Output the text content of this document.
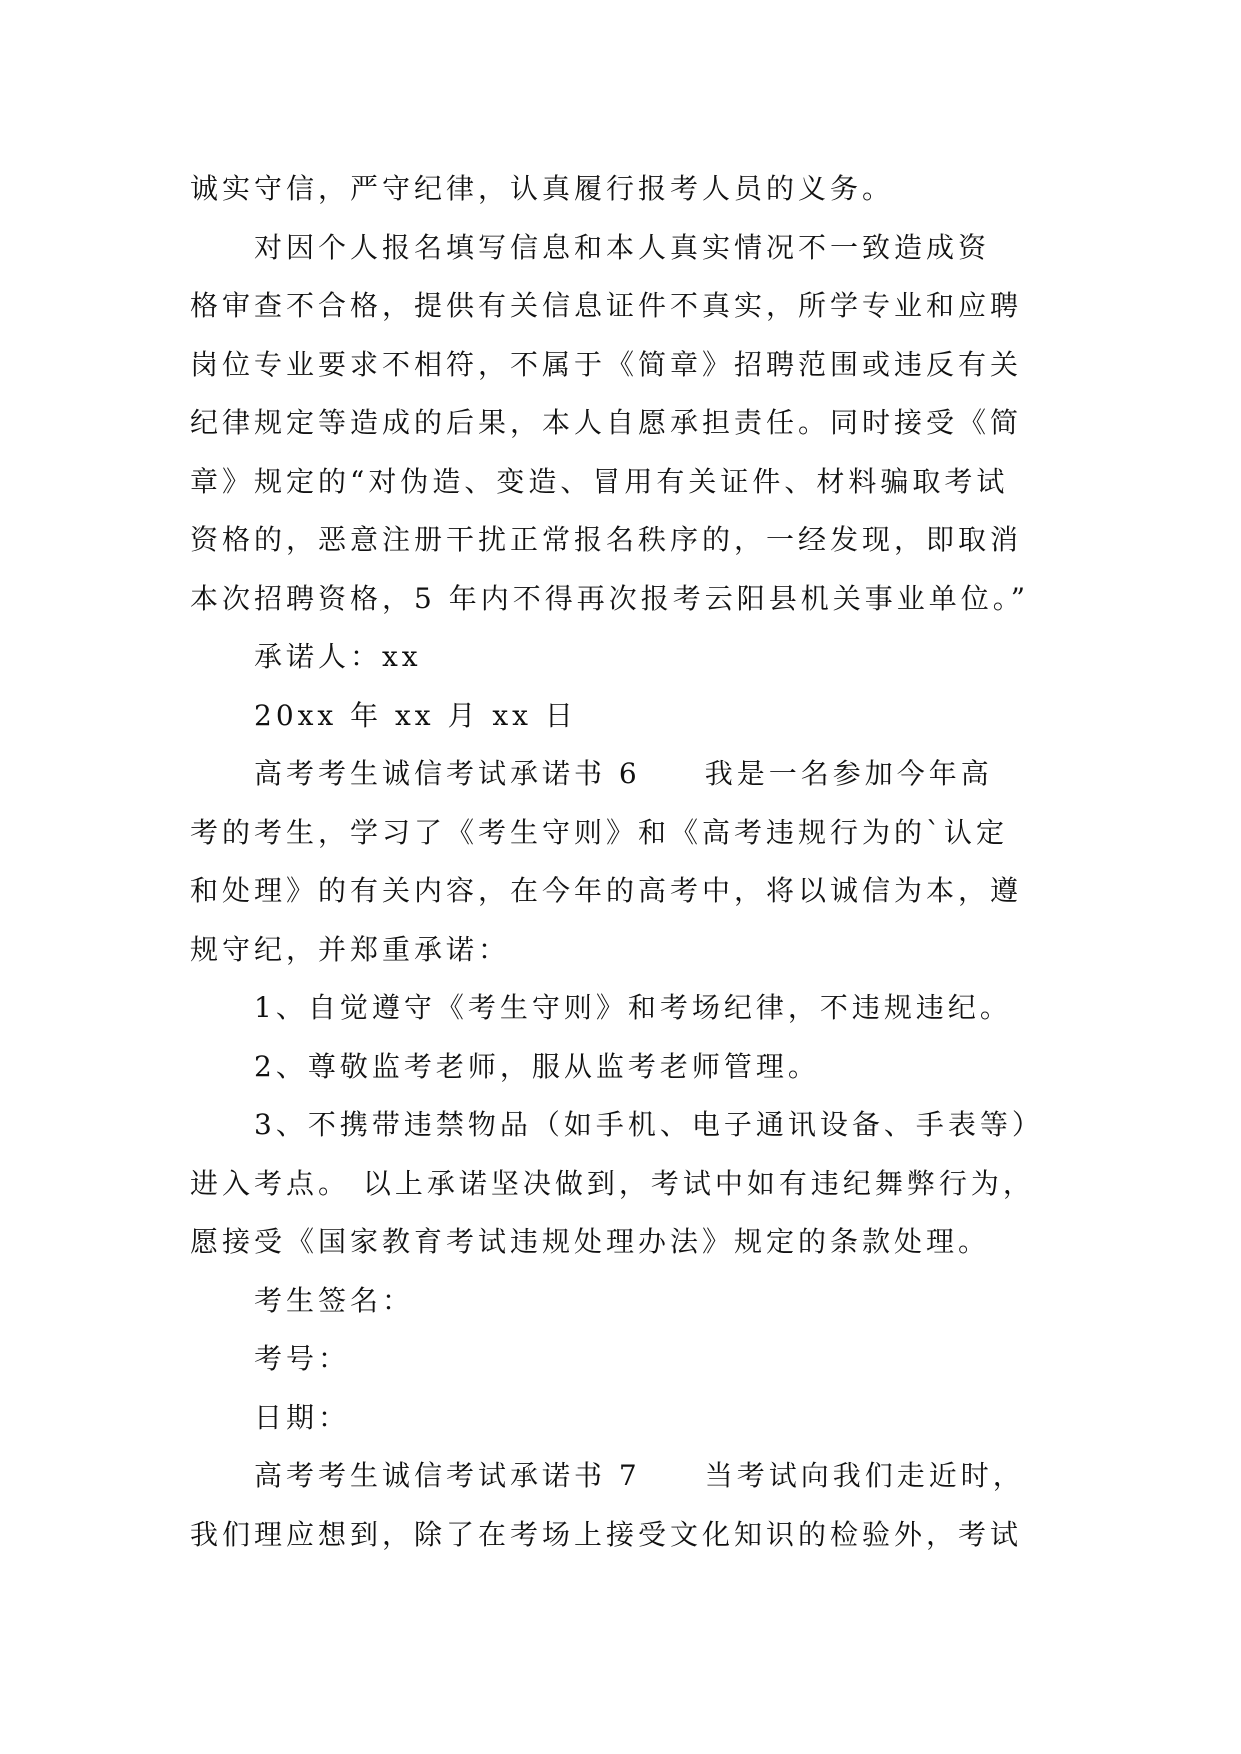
诚实守信，严守纪律，认真履行报考人员的义务。
对因个人报名填写信息和本人真实情况不一致造成资
格审查不合格，提供有关信息证件不真实，所学专业和应聘
岗位专业要求不相符，不属于《简章》招聘范围或违反有关
纪律规定等造成的后果，本人自愿承担责任。同时接受《简
章》规定的“对伪造、变造、冒用有关证件、材料骗取考试
资格的，恶意注册干扰正常报名秩序的，一经发现，即取消
本次招聘资格，5 年内不得再次报考云阳县机关事业单位。”
承诺人：xx
20xx 年 xx 月 xx 日
高考考生诚信考试承诺书 6　　我是一名参加今年高
考的考生，学习了《考生守则》和《高考违规行为的`认定
和处理》的有关内容，在今年的高考中，将以诚信为本，遵
规守纪，并郑重承诺：
1、自觉遵守《考生守则》和考场纪律，不违规违纪。
2、尊敬监考老师，服从监考老师管理。
3、不携带违禁物品（如手机、电子通讯设备、手表等）
进入考点。 以上承诺坚决做到，考试中如有违纪舞弊行为，
愿接受《国家教育考试违规处理办法》规定的条款处理。
考生签名：
考号：
日期：
高考考生诚信考试承诺书 7　　当考试向我们走近时，
我们理应想到，除了在考场上接受文化知识的检验外，考试
